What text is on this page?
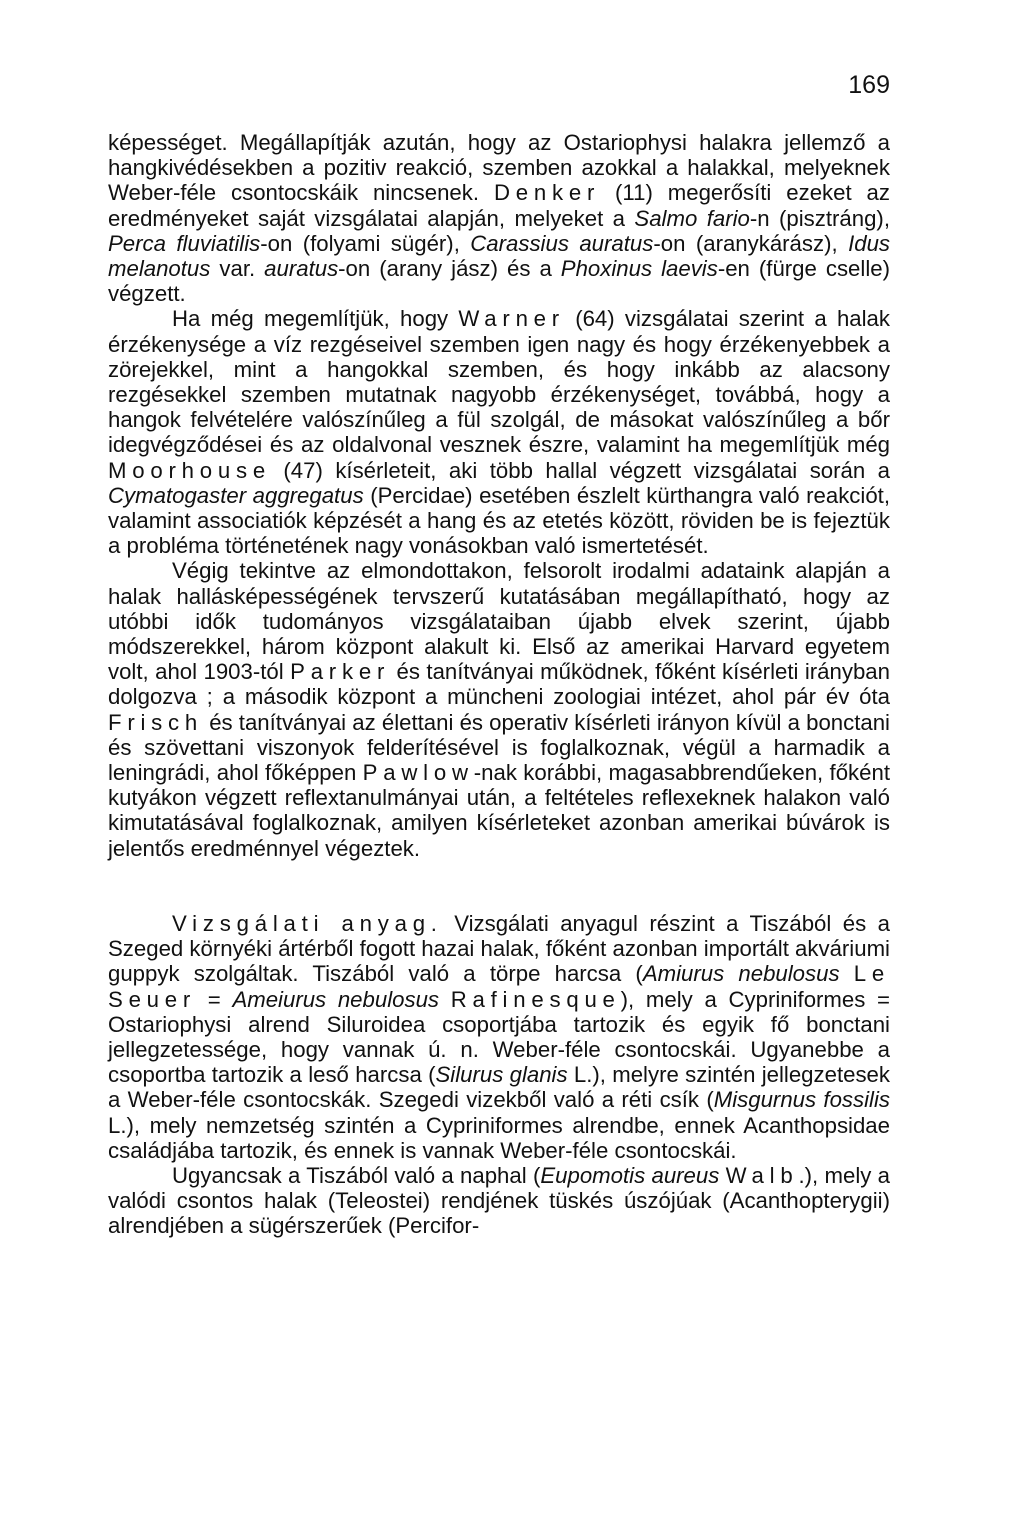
169

képességet. Megállapítják azután, hogy az Ostariophysi halakra jellemző a hangkivédésekben a pozitiv reakció, szemben azokkal a halakkal, melyeknek Weber-féle csontocskáik nincsenek. Denker (11) megerősíti ezeket az eredményeket saját vizsgálatai alapján, melyeket a Salmo fario-n (pisztráng), Perca fluviatilis-on (folyami sügér), Carassius auratus-on (aranykárász), Idus melanotus var. auratus-on (arany jász) és a Phoxinus laevis-en (fürge cselle) végzett.

Ha még megemlítjük, hogy Warner (64) vizsgálatai szerint a halak érzékenysége a víz rezgéseivel szemben igen nagy és hogy érzékenyebbek a zörejekkel, mint a hangokkal szemben, és hogy inkább az alacsony rezgésekkel szemben mutatnak nagyobb érzékenységet, továbbá, hogy a hangok felvételére valószínűleg a fül szolgál, de másokat valószínűleg a bőr idegvégződései és az oldalvonal vesznek észre, valamint ha megemlítjük még Moorhouse (47) kísérleteit, aki több hallal végzett vizsgálatai során a Cymatogaster aggregatus (Percidae) esetében észlelt kürthangra való reakciót, valamint associatiók képzését a hang és az etetés között, röviden be is fejeztük a probléma történetének nagy vonásokban való ismertetését.

Végig tekintve az elmondottakon, felsorolt irodalmi adataink alapján a halak hallásképességének tervszerű kutatásában megállapítható, hogy az utóbbi idők tudományos vizsgálataiban újabb elvek szerint, újabb módszerekkel, három központ alakult ki. Első az amerikai Harvard egyetem volt, ahol 1903-tól Parker és tanítványai működnek, főként kísérleti irányban dolgozva ; a második központ a müncheni zoologiai intézet, ahol pár év óta Frisch és tanítványai az élettani és operativ kísérleti irányon kívül a bonctani és szövettani viszonyok felderítésével is foglalkoznak, végül a harmadik a leningrádi, ahol főképpen Pawlow-nak korábbi, magasabbrendűeken, főként kutyákon végzett reflextanulmányai után, a feltételes reflexeknek halakon való kimutatásával foglalkoznak, amilyen kísérleteket azonban amerikai búvárok is jelentős eredménnyel végeztek.

Vizsgálati anyag. Vizsgálati anyagul részint a Tiszából és a Szeged környéki ártérből fogott hazai halak, főként azonban importált akváriumi guppyk szolgáltak. Tiszából való a törpe harcsa (Amiurus nebulosus Le Seuer = Ameiurus nebulosus Rafinesque), mely a Cypriniformes = Ostariophysi alrend Siluroidea csoportjába tartozik és egyik fő bonctani jellegzetessége, hogy vannak ú. n. Weber-féle csontocskái. Ugyanebbe a csoportba tartozik a leső harcsa (Silurus glanis L.), melyre szintén jellegzetesek a Weber-féle csontocskák. Szegedi vizekből való a réti csík (Misgurnus fossilis L.), mely nemzetség szintén a Cypriniformes alrendbe, ennek Acanthopsidae családjába tartozik, és ennek is vannak Weber-féle csontocskái.

Ugyancsak a Tiszából való a naphal (Eupomotis aureus Walb.), mely a valódi csontos halak (Teleostei) rendjének tüskés úszójúak (Acanthopterygii) alrendjében a sügérszerűek (Percifor-
